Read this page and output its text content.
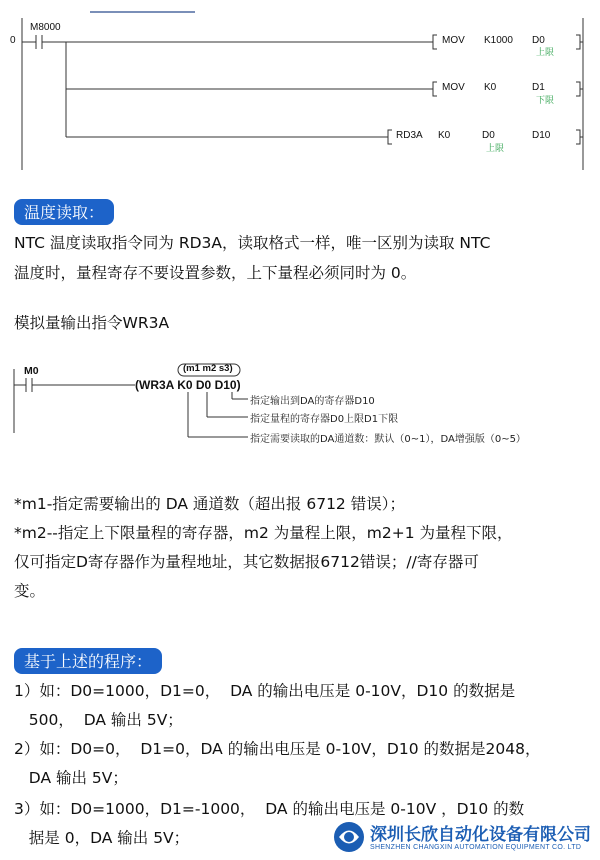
0
M8000
MOV K1000 D0
上限
MOV K0	D1
下限
RD3A K0	D0
上限
D10
温度读取：
NTC 温度读取指令同为 RD3A，读取格式一样，唯一区别为读取 NTC
温度时，量程寄存不要设置参数，上下量程必须同时为 0。
模拟量输出指令WR3A
M0	(m1 m2 s3)
(WR3A K0 D0 D10)
指定输出到DA的寄存器D10
指定量程的寄存器D0上限D1下限
指定需要读取的DA通道数：默认（0~1），DA增强版（0~5）
*m1-指定需要输出的 DA 通道数（超出报 6712 错误）；
*m2--指定上下限量程的寄存器，m2 为量程上限，m2+1 为量程下限，
仅可指定D寄存器作为量程地址，其它数据报6712错误；//寄存器可
变。
基于上述的程序：
1）如：D0=1000，D1=0，  DA 的输出电压是 0-10V，D10 的数据是
500，  DA 输出 5V；
2）如：D0=0，  D1=0，DA 的输出电压是 0-10V，D10 的数据是2048，
DA 输出 5V；
3）如：D0=1000，D1=-1000，  DA 的输出电压是 0-10V ，D10 的数
据是 0，DA 输出 5V；	深圳长欣自动化设备有限公司
SHENZHEN CHANGXIN AUTOMATION EQUIPMENT CO. LTD
